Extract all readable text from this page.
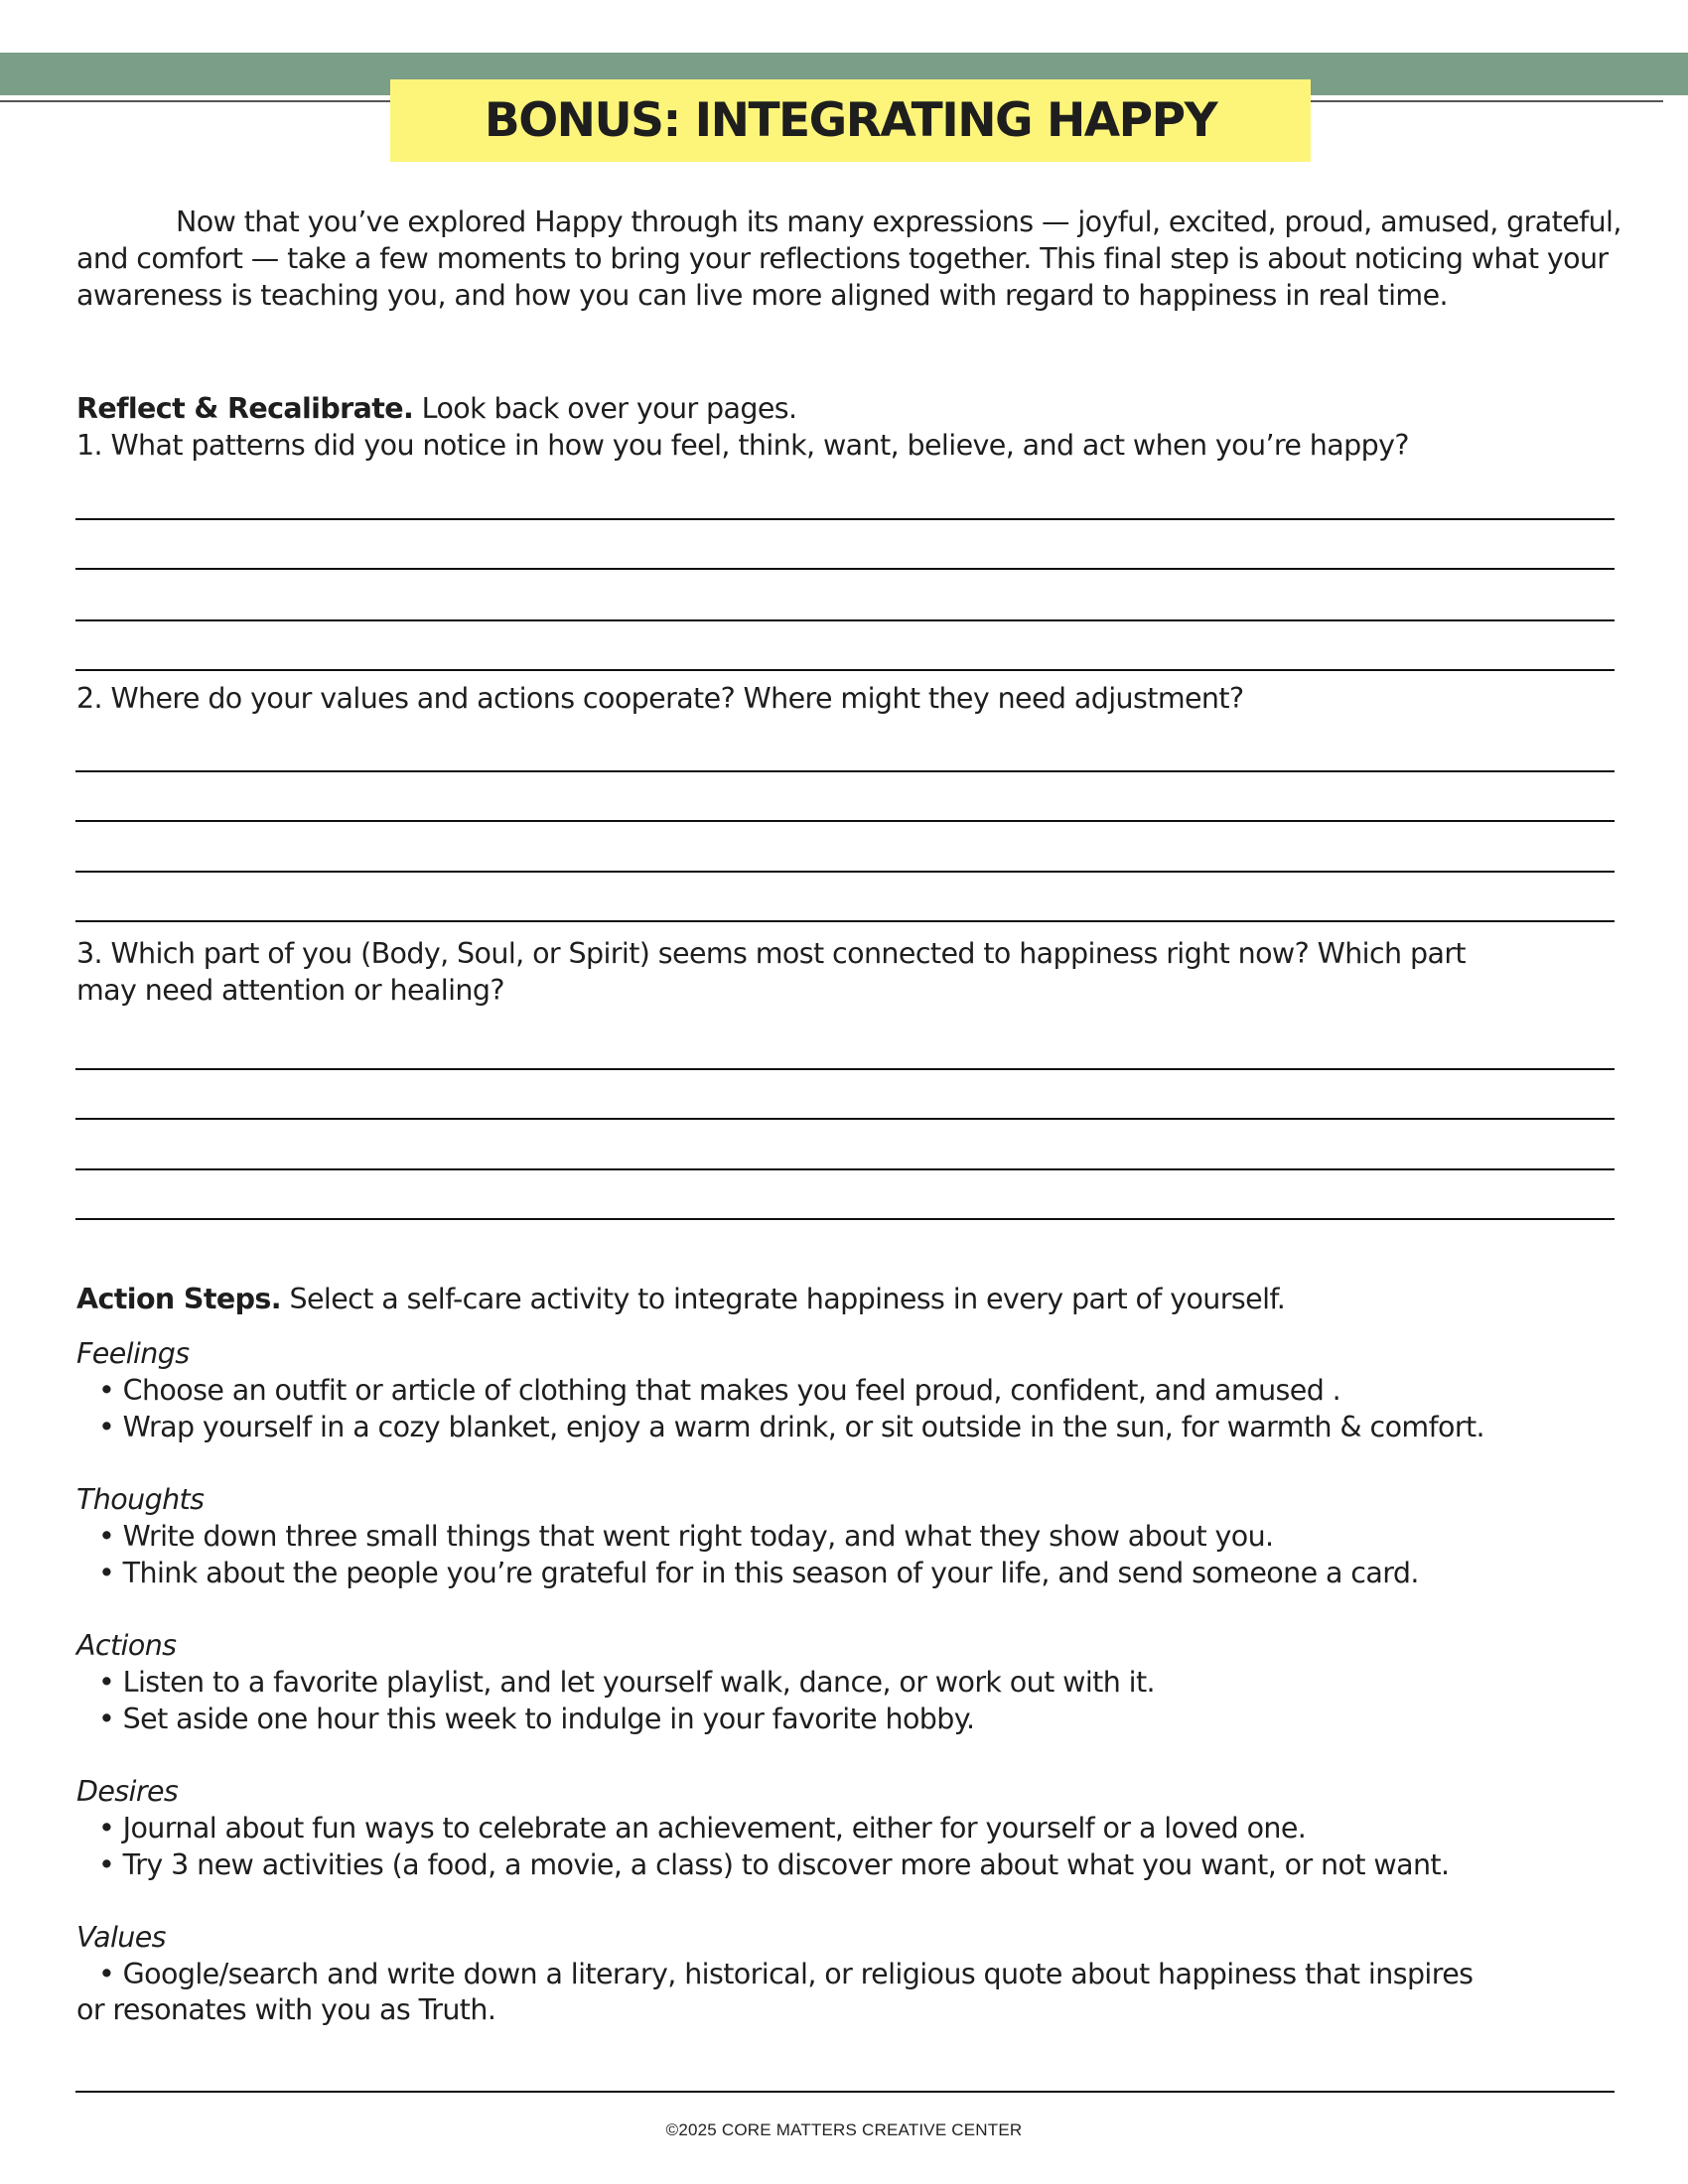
BONUS: INTEGRATING HAPPY
Now that you’ve explored Happy through its many expressions — joyful, excited, proud, amused, grateful, and comfort — take a few moments to bring your reflections together. This final step is about noticing what your awareness is teaching you, and how you can live more aligned with regard to happiness in real time.
Reflect & Recalibrate. Look back over your pages.
1. What patterns did you notice in how you feel, think, want, believe, and act when you’re happy?
2. Where do your values and actions cooperate? Where might they need adjustment?
3. Which part of you (Body, Soul, or Spirit) seems most connected to happiness right now? Which part
may need attention or healing?
Action Steps. Select a self-care activity to integrate happiness in every part of yourself.
Feelings
• Choose an outfit or article of clothing that makes you feel proud, confident, and amused .
• Wrap yourself in a cozy blanket, enjoy a warm drink, or sit outside in the sun, for warmth & comfort.
Thoughts
• Write down three small things that went right today, and what they show about you.
• Think about the people you’re grateful for in this season of your life, and send someone a card.
Actions
• Listen to a favorite playlist, and let yourself walk, dance, or work out with it.
• Set aside one hour this week to indulge in your favorite hobby.
Desires
• Journal about fun ways to celebrate an achievement, either for yourself or a loved one.
• Try 3 new activities (a food, a movie, a class) to discover more about what you want, or not want.
Values
• Google/search and write down a literary, historical, or religious quote about happiness that inspires
or resonates with you as Truth.
©2025 CORE MATTERS CREATIVE CENTER
